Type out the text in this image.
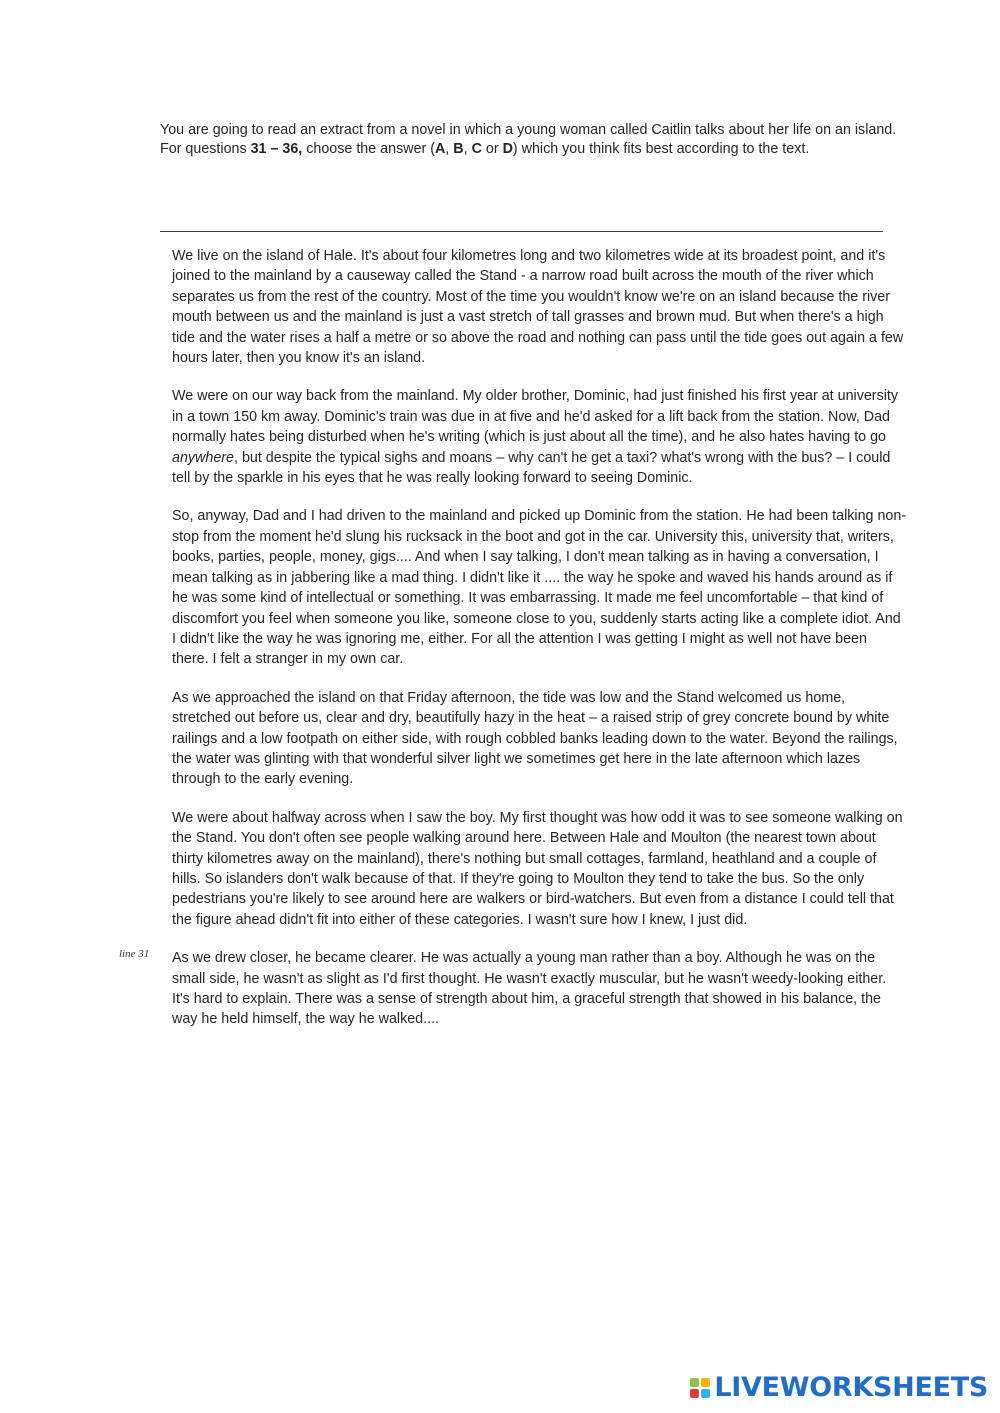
You are going to read an extract from a novel in which a young woman called Caitlin talks about her life on an island. For questions 31 – 36, choose the answer (A, B, C or D) which you think fits best according to the text.

We live on the island of Hale. It's about four kilometres long and two kilometres wide at its broadest point, and it's joined to the mainland by a causeway called the Stand - a narrow road built across the mouth of the river which separates us from the rest of the country. Most of the time you wouldn't know we're on an island because the river mouth between us and the mainland is just a vast stretch of tall grasses and brown mud. But when there's a high tide and the water rises a half a metre or so above the road and nothing can pass until the tide goes out again a few hours later, then you know it's an island.

We were on our way back from the mainland. My older brother, Dominic, had just finished his first year at university in a town 150 km away. Dominic's train was due in at five and he'd asked for a lift back from the station. Now, Dad normally hates being disturbed when he's writing (which is just about all the time), and he also hates having to go anywhere, but despite the typical sighs and moans – why can't he get a taxi? what's wrong with the bus? – I could tell by the sparkle in his eyes that he was really looking forward to seeing Dominic.

So, anyway, Dad and I had driven to the mainland and picked up Dominic from the station. He had been talking non-stop from the moment he'd slung his rucksack in the boot and got in the car. University this, university that, writers, books, parties, people, money, gigs.... And when I say talking, I don't mean talking as in having a conversation, I mean talking as in jabbering like a mad thing. I didn't like it .... the way he spoke and waved his hands around as if he was some kind of intellectual or something. It was embarrassing. It made me feel uncomfortable – that kind of discomfort you feel when someone you like, someone close to you, suddenly starts acting like a complete idiot. And I didn't like the way he was ignoring me, either. For all the attention I was getting I might as well not have been there. I felt a stranger in my own car.

As we approached the island on that Friday afternoon, the tide was low and the Stand welcomed us home, stretched out before us, clear and dry, beautifully hazy in the heat – a raised strip of grey concrete bound by white railings and a low footpath on either side, with rough cobbled banks leading down to the water. Beyond the railings, the water was glinting with that wonderful silver light we sometimes get here in the late afternoon which lazes through to the early evening.

We were about halfway across when I saw the boy. My first thought was how odd it was to see someone walking on the Stand. You don't often see people walking around here. Between Hale and Moulton (the nearest town about thirty kilometres away on the mainland), there's nothing but small cottages, farmland, heathland and a couple of hills. So islanders don't walk because of that. If they're going to Moulton they tend to take the bus. So the only pedestrians you're likely to see around here are walkers or bird-watchers. But even from a distance I could tell that the figure ahead didn't fit into either of these categories. I wasn't sure how I knew, I just did.

As we drew closer, he became clearer. He was actually a young man rather than a boy. Although he was on the small side, he wasn't as slight as I'd first thought. He wasn't exactly muscular, but he wasn't weedy-looking either. It's hard to explain. There was a sense of strength about him, a graceful strength that showed in his balance, the way he held himself, the way he walked....

line 31
LIVEWORKSHEETS
